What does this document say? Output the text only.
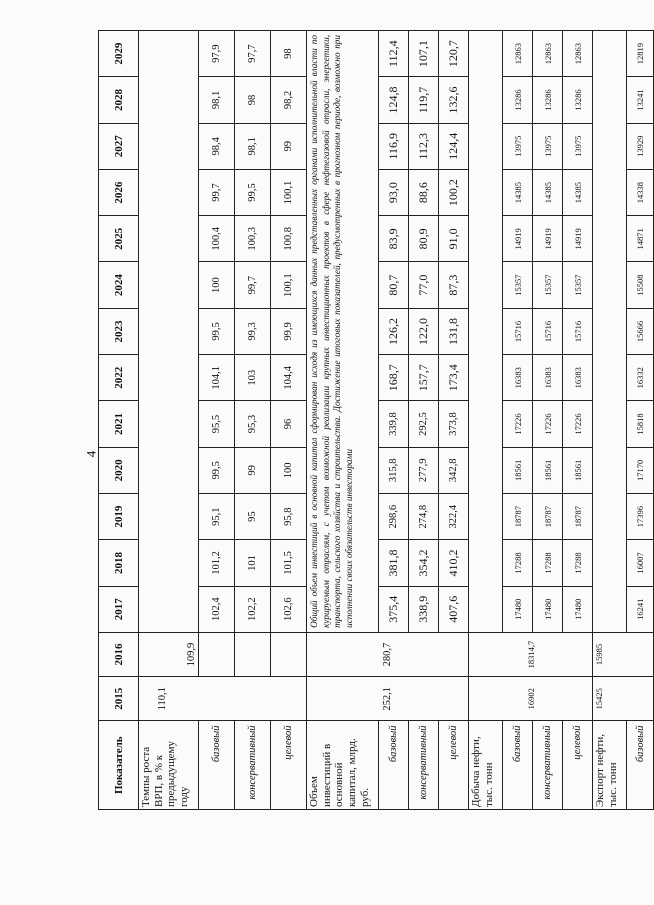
4
Показатель	2015	2016	2017	2018	2019	2020	2021	2022	2023	2024	2025	2026	2027	2028	2029
Темпы роста ВРП, в % к предыдущему году	110,1	109,9													
базовый			102,4	101,2	95,1	99,5	95,5	104,1	99,5	100	100,4	99,7	98,4	98,1	97,9
консервативный			102,2	101	95	99	95,3	103	99,3	99,7	100,3	99,5	98,1	98	97,7
целевой			102,6	101,5	95,8	100	96	104,4	99,9	100,1	100,8	100,1	99	98,2	98
Объем инвестиций в основной капитал, млрд. руб.	252,1	280,7	Общий объем инвестиций в основной капитал сформирован исходя из имеющихся данных представленных органами исполнительной власти по курируемым отраслям, с учетом возможной реализации крупных инвестиционных проектов в сфере нефтегазовой отрасли, энергетики, транспорта, сельского хозяйства и строительства. Достижение итоговых показателей, предусмотренных в прогнозном периоде, возможно при исполнении своих обязательств инвесторами												
базовый			375,4	381,8	298,6	315,8	339,8	168,7	126,2	80,7	83,9	93,0	116,9	124,8	112,4
консервативный			338,9	354,2	274,8	277,9	292,5	157,7	122,0	77,0	80,9	88,6	112,3	119,7	107,1
целевой			407,6	410,2	322,4	342,8	373,8	173,4	131,8	87,3	91,0	100,2	124,4	132,6	120,7
Добыча нефти, тыс. тонн	16902	18314,7													
базовый			17480	17288	18787	18561	17226	16383	15716	15357	14919	14385	13975	13286	12863
консервативный			17480	17288	18787	18561	17226	16383	15716	15357	14919	14385	13975	13286	12863
целевой			17480	17288	18787	18561	17226	16383	15716	15357	14919	14385	13975	13286	12863
Экспорт нефти, тыс. тонн	15425	15985													
базовый			16241	16007	17396	17170	15818	16332	15666	15508	14871	14338	13929	13241	12819
